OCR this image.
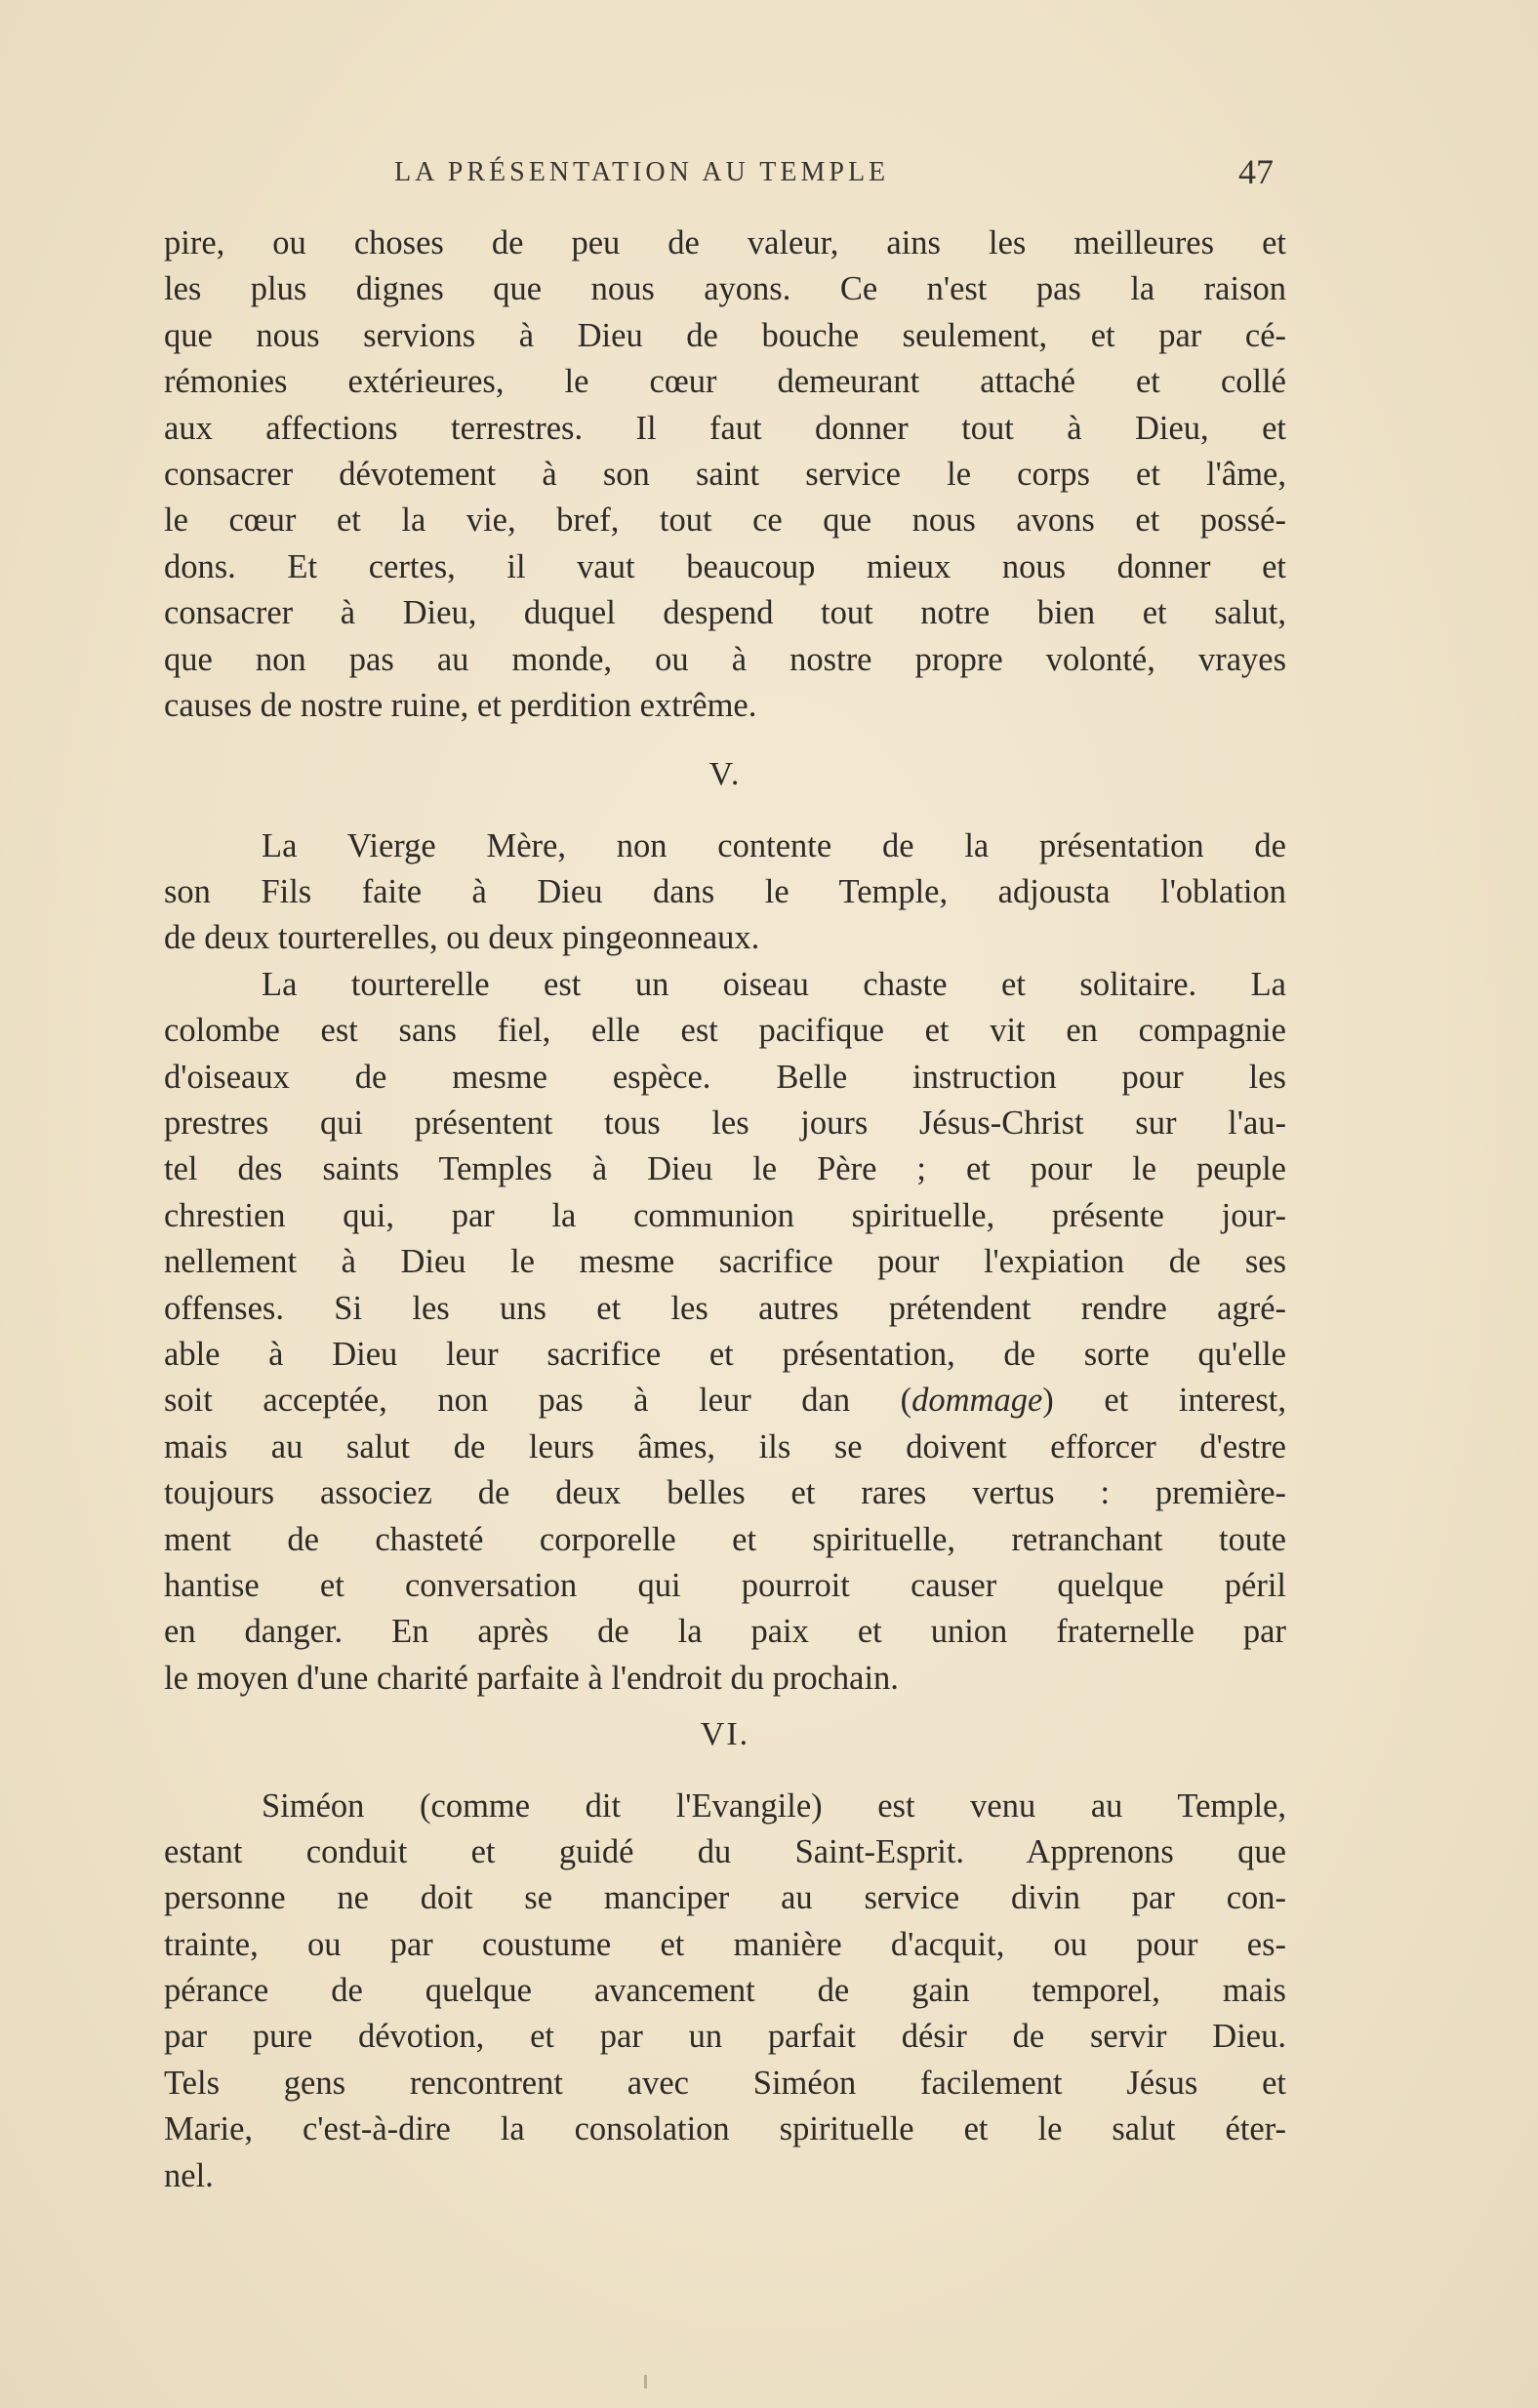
LA PRÉSENTATION AU TEMPLE	47
pire, ou choses de peu de valeur, ains les meilleures et
les plus dignes que nous ayons. Ce n'est pas la raison
que nous servions à Dieu de bouche seulement, et par cé-
rémonies extérieures, le cœur demeurant attaché et collé
aux affections terrestres. Il faut donner tout à Dieu, et
consacrer dévotement à son saint service le corps et l'âme,
le cœur et la vie, bref, tout ce que nous avons et possé-
dons. Et certes, il vaut beaucoup mieux nous donner et
consacrer à Dieu, duquel despend tout notre bien et salut,
que non pas au monde, ou à nostre propre volonté, vrayes
causes de nostre ruine, et perdition extrême.
V.
La Vierge Mère, non contente de la présentation de
son Fils faite à Dieu dans le Temple, adjousta l'oblation
de deux tourterelles, ou deux pingeonneaux.
La tourterelle est un oiseau chaste et solitaire. La
colombe est sans fiel, elle est pacifique et vit en compagnie
d'oiseaux de mesme espèce. Belle instruction pour les
prestres qui présentent tous les jours Jésus-Christ sur l'au-
tel des saints Temples à Dieu le Père ; et pour le peuple
chrestien qui, par la communion spirituelle, présente jour-
nellement à Dieu le mesme sacrifice pour l'expiation de ses
offenses. Si les uns et les autres prétendent rendre agré-
able à Dieu leur sacrifice et présentation, de sorte qu'elle
soit acceptée, non pas à leur dan (dommage) et interest,
mais au salut de leurs âmes, ils se doivent efforcer d'estre
toujours associez de deux belles et rares vertus : première-
ment de chasteté corporelle et spirituelle, retranchant toute
hantise et conversation qui pourroit causer quelque péril
en danger. En après de la paix et union fraternelle par
le moyen d'une charité parfaite à l'endroit du prochain.
VI.
Siméon (comme dit l'Evangile) est venu au Temple,
estant conduit et guidé du Saint-Esprit. Apprenons que
personne ne doit se manciper au service divin par con-
trainte, ou par coustume et manière d'acquit, ou pour es-
pérance de quelque avancement de gain temporel, mais
par pure dévotion, et par un parfait désir de servir Dieu.
Tels gens rencontrent avec Siméon facilement Jésus et
Marie, c'est-à-dire la consolation spirituelle et le salut éter-
nel.
